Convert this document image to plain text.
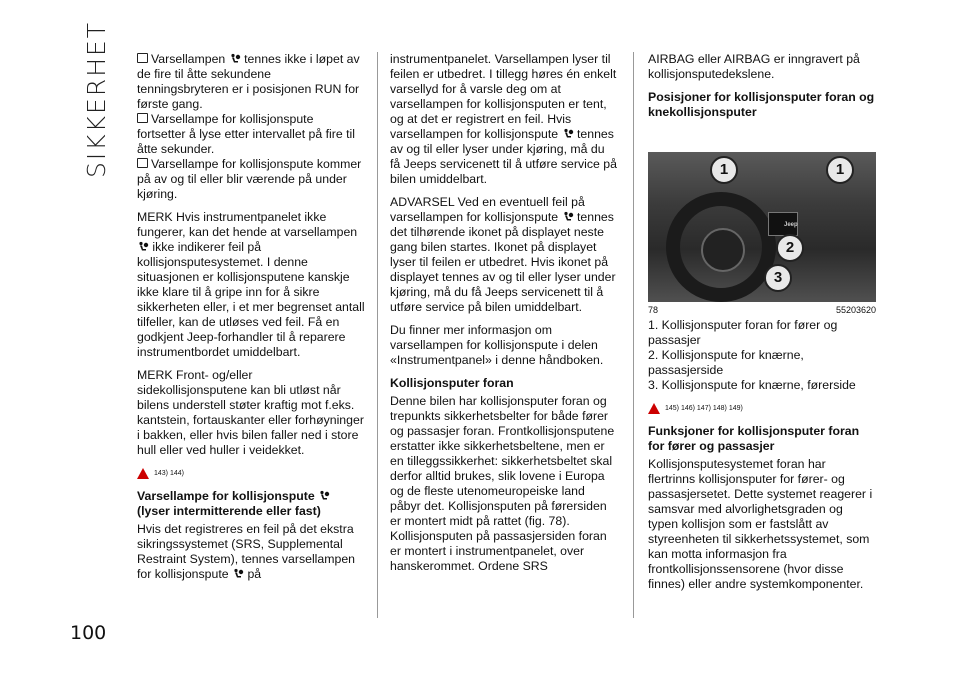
SIKKERHET
100

Varsellampen tennes ikke i løpet av de fire til åtte sekundene tenningsbryteren er i posisjonen RUN for første gang.

Varsellampe for kollisjonspute fortsetter å lyse etter intervallet på fire til åtte sekunder.

Varsellampe for kollisjonspute kommer på av og til eller blir værende på under kjøring.

MERK Hvis instrumentpanelet ikke fungerer, kan det hende at varsellampen  ikke indikerer feil på kollisjonsputesystemet. I denne situasjonen er kollisjonsputene kanskje ikke klare til å gripe inn for å sikre sikkerheten eller, i et mer begrenset antall tilfeller, kan de utløses ved feil. Få en godkjent Jeep-forhandler til å reparere instrumentbordet umiddelbart.

MERK Front- og/eller sidekollisjonsputene kan bli utløst når bilens understell støter kraftig mot f.eks. kantstein, fortauskanter eller forhøyninger i bakken, eller hvis bilen faller ned i store hull eller ved huller i veidekket.

143) 144)
Varsellampe for kollisjonspute  (lyser intermitterende eller fast)

Hvis det registreres en feil på det ekstra sikringssystemet (SRS, Supplemental Restraint System), tennes varsellampen for kollisjonspute på

instrumentpanelet. Varsellampen lyser til feilen er utbedret. I tillegg høres én enkelt varsellyd for å varsle deg om at varsellampen for kollisjonsputen er tent, og at det er registrert en feil. Hvis varsellampen for kollisjonspute tennes av og til eller lyser under kjøring, må du få Jeeps servicenett til å utføre service på bilen umiddelbart.

ADVARSEL Ved en eventuell feil på varsellampen for kollisjonspute tennes det tilhørende ikonet på displayet neste gang bilen startes. Ikonet på displayet lyser til feilen er utbedret. Hvis ikonet på displayet tennes av og til eller lyser under kjøring, må du få Jeeps servicenett til å utføre service på bilen umiddelbart.

Du finner mer informasjon om varsellampen for kollisjonspute i delen «Instrumentpanel» i denne håndboken.

Kollisjonsputer foran

Denne bilen har kollisjonsputer foran og trepunkts sikkerhetsbelter for både fører og passasjer foran. Frontkollisjonsputene erstatter ikke sikkerhetsbeltene, men er en tilleggssikkerhet: sikkerhetsbeltet skal derfor alltid brukes, slik lovene i Europa og de fleste utenomeuropeiske land påbyr det. Kollisjonsputen på førersiden er montert midt på rattet (fig. 78). Kollisjonsputen på passasjersiden foran er montert i instrumentpanelet, over hanskerommet. Ordene SRS

AIRBAG eller AIRBAG er inngravert på kollisjonsputedekslene.

Posisjoner for kollisjonsputer foran og knekollisjonsputer
Jeep
1	1
2
3
78	55203620
1. Kollisjonsputer foran for fører og passasjer
2. Kollisjonspute for knærne, passasjerside
3. Kollisjonspute for knærne, førerside
145) 146) 147) 148) 149)
Funksjoner for kollisjonsputer foran for fører og passasjer

Kollisjonsputesystemet foran har flertrinns kollisjonsputer for fører- og passasjersetet. Dette systemet reagerer i samsvar med alvorlighetsgraden og typen kollisjon som er fastslått av styreenheten til sikkerhetssystemet, som kan motta informasjon fra frontkollisjonssensorene (hvor disse finnes) eller andre systemkomponenter.
